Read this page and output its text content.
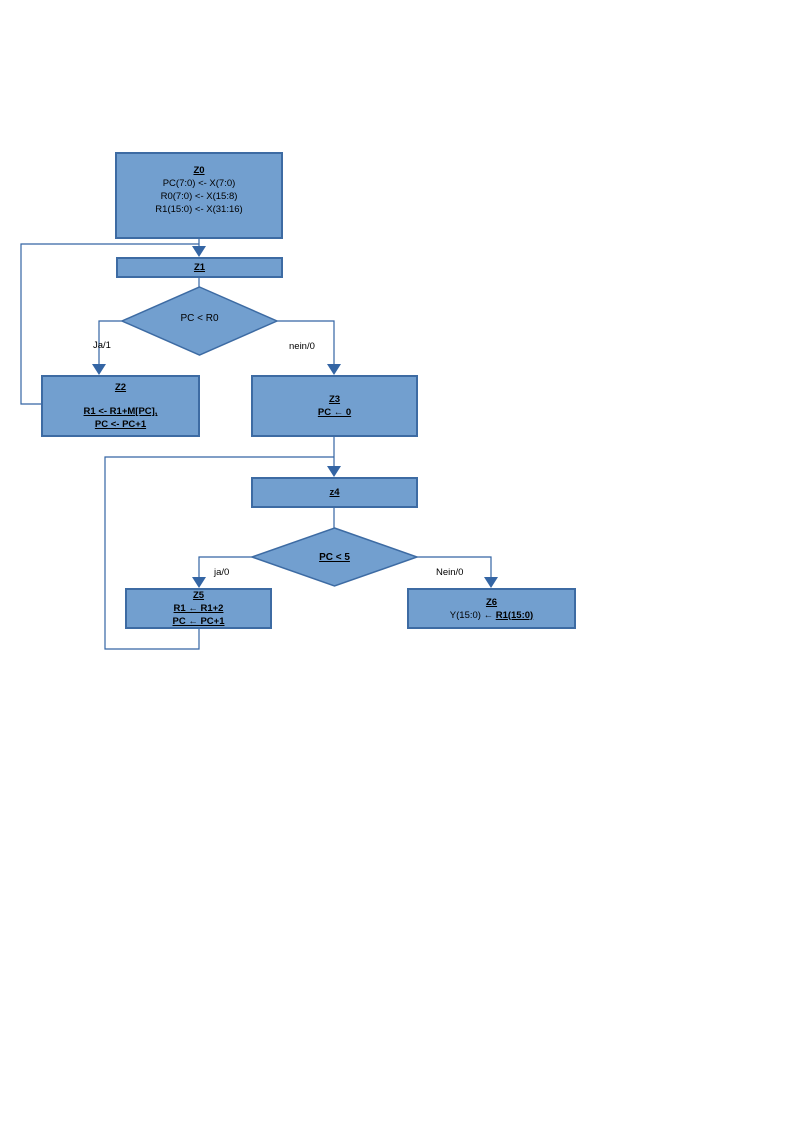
Z0
PC(7:0) <- X(7:0)
R0(7:0) <- X(15:8)
R1(15:0) <- X(31:16)
Z1
PC < R0
Z2
R1 <- R1+M[PC],
PC <- PC+1
Z3
PC ← 0
z4
PC < 5
Z5
R1 ← R1+2
PC ← PC+1
Z6
Y(15:0) ← R1(15:0)
Ja/1	nein/0
ja/0	Nein/0
